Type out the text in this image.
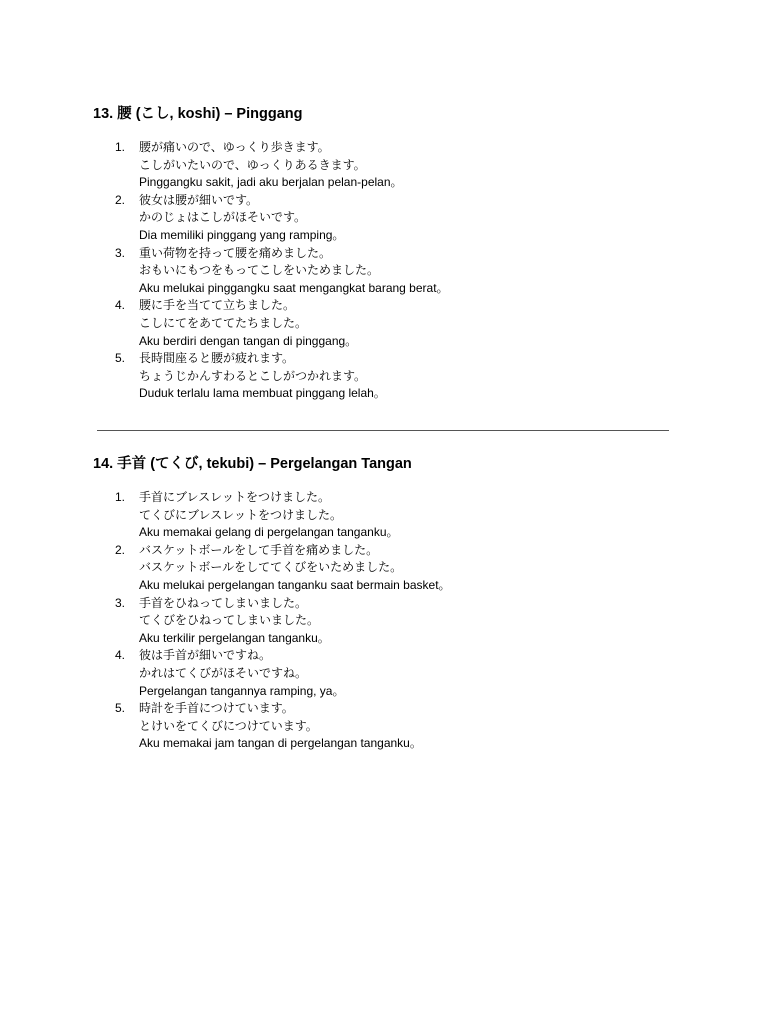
13. 腰 (こし, koshi) – Pinggang
1. 腰が痛いので、ゆっくり歩きます。
こしがいたいので、ゆっくりあるきます。
Pinggangku sakit, jadi aku berjalan pelan-pelan。
2. 彼女は腰が細いです。
かのじょはこしがほそいです。
Dia memiliki pinggang yang ramping。
3. 重い荷物を持って腰を痛めました。
おもいにもつをもってこしをいためました。
Aku melukai pinggangku saat mengangkat barang berat。
4. 腰に手を当てて立ちました。
こしにてをあててたちました。
Aku berdiri dengan tangan di pinggang。
5. 長時間座ると腰が疲れます。
ちょうじかんすわるとこしがつかれます。
Duduk terlalu lama membuat pinggang lelah。
14. 手首 (てくび, tekubi) – Pergelangan Tangan
1. 手首にブレスレットをつけました。
てくびにブレスレットをつけました。
Aku memakai gelang di pergelangan tanganku。
2. バスケットボールをして手首を痛めました。
バスケットボールをしててくびをいためました。
Aku melukai pergelangan tanganku saat bermain basket。
3. 手首をひねってしまいました。
てくびをひねってしまいました。
Aku terkilir pergelangan tanganku。
4. 彼は手首が細いですね。
かれはてくびがほそいですね。
Pergelangan tangannya ramping, ya。
5. 時計を手首につけています。
とけいをてくびにつけています。
Aku memakai jam tangan di pergelangan tanganku。
